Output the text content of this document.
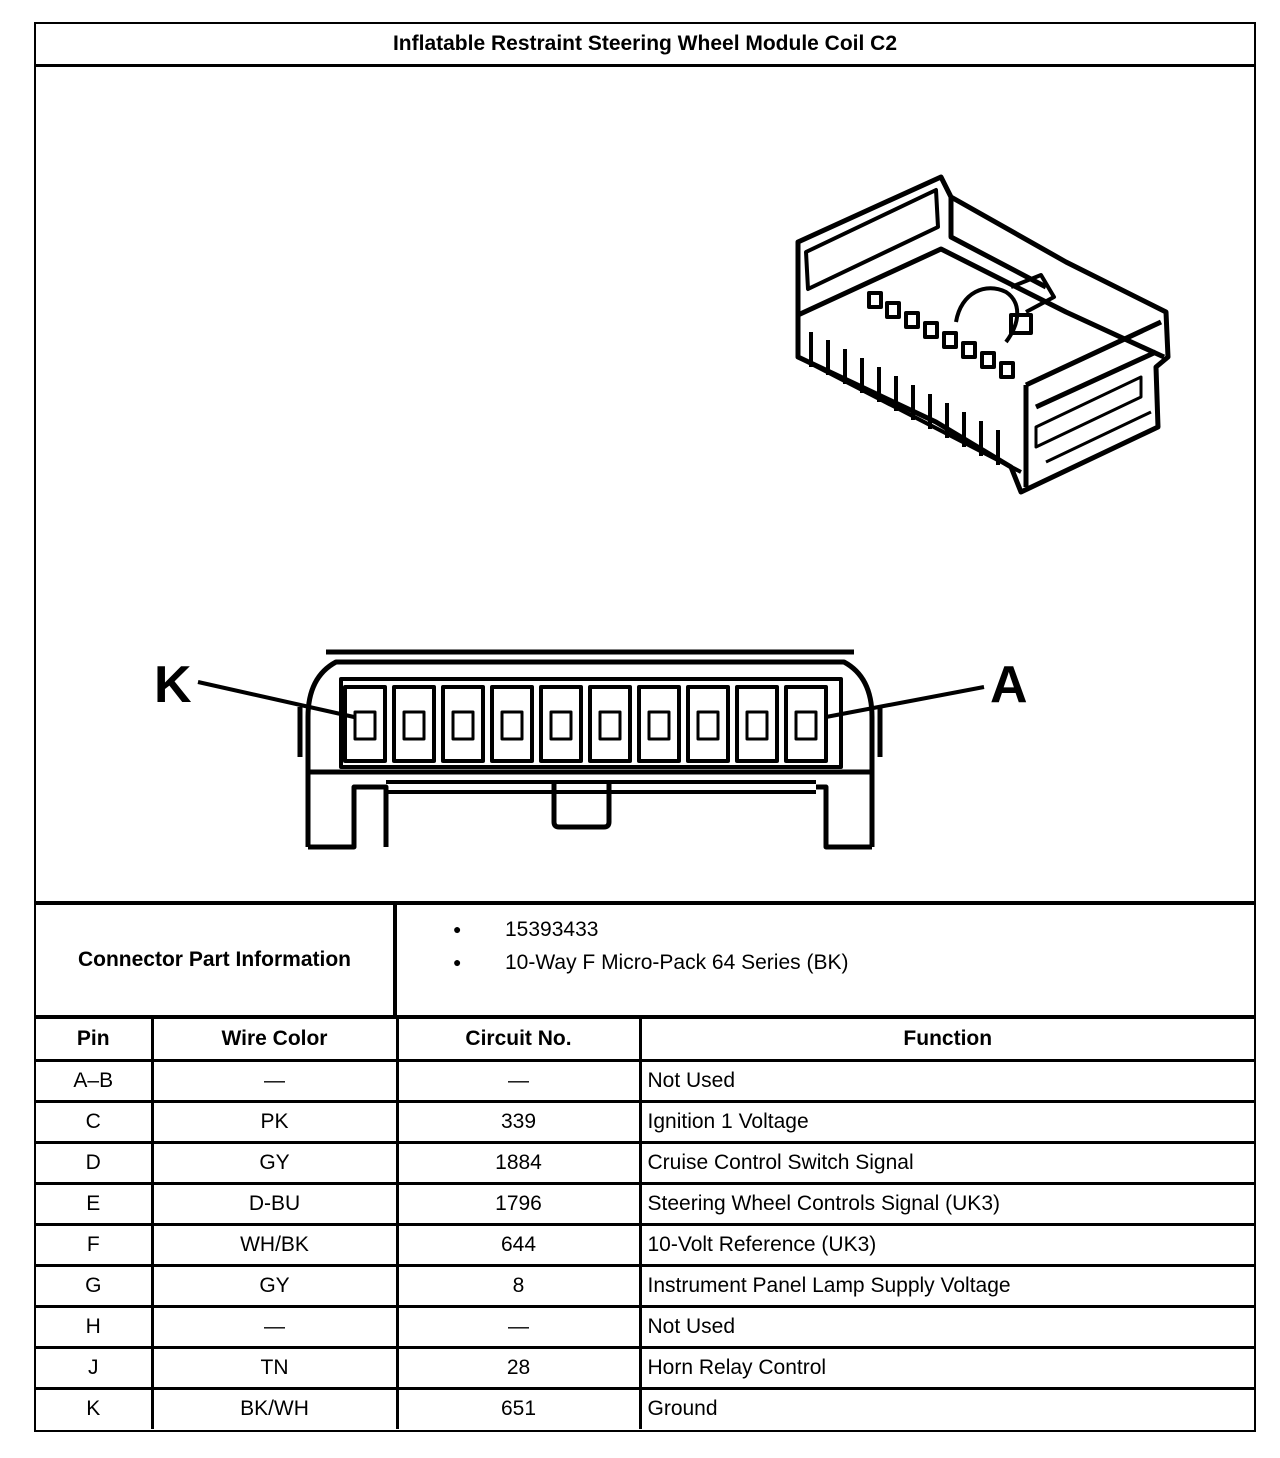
Inflatable Restraint Steering Wheel Module Coil C2
K	A
Connector Part Information
● 15393433
● 10-Way F Micro-Pack 64 Series (BK)
Pin	Wire Color	Circuit No.	Function
A–B	—	—	Not Used
C	PK	339	Ignition 1 Voltage
D	GY	1884	Cruise Control Switch Signal
E	D-BU	1796	Steering Wheel Controls Signal (UK3)
F	WH/BK	644	10-Volt Reference (UK3)
G	GY	8	Instrument Panel Lamp Supply Voltage
H	—	—	Not Used
J	TN	28	Horn Relay Control
K	BK/WH	651	Ground
